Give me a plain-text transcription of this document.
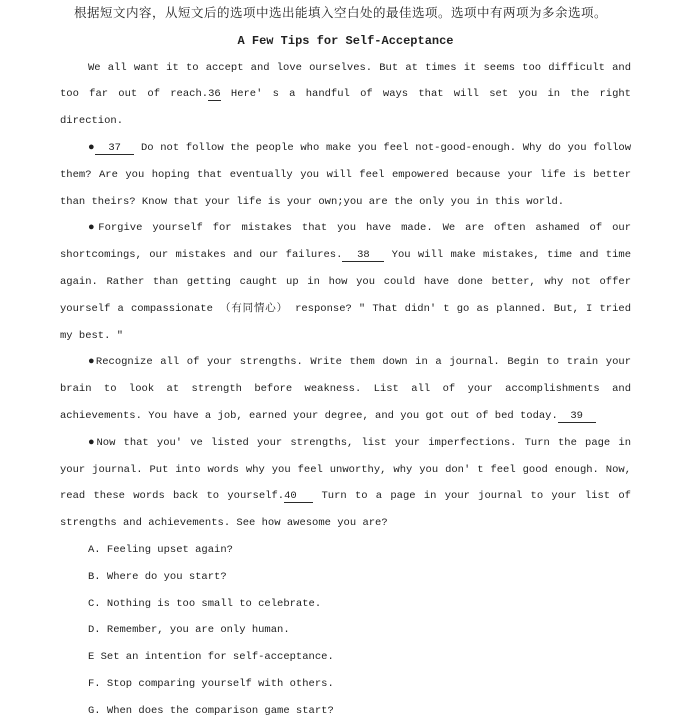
根据短文内容，从短文后的选项中选出能填入空白处的最佳选项。选项中有两项为多余选项。
A Few Tips for Self-Acceptance
We all want it to accept and love ourselves. But at times it seems too difficult and too far out of reach.36 Here' s a handful of ways that will set you in the right direction.
●  37   Do not follow the people who make you feel not-good-enough. Why do you follow them? Are you hoping that eventually you will feel empowered because your life is better than theirs? Know that your life is your own;you are the only you in this world.
●Forgive yourself for mistakes that you have made. We are often ashamed of our shortcomings, our mistakes and our failures.  38   You will make mistakes, time and time again. Rather than getting caught up in how you could have done better, why not offer yourself a compassionate （有同情心） response? " That didn' t go as planned. But, I tried my best. "
●Recognize all of your strengths. Write them down in a journal. Begin to train your brain to look at strength before weakness. List all of your accomplishments and achievements. You have a job, earned your degree, and you got out of bed today.  39
●Now that you' ve listed your strengths, list your imperfections. Turn the page in your journal. Put into words why you feel unworthy, why you don' t feel good enough. Now, read these words back to yourself.40   Turn to a page in your journal to your list of strengths and achievements. See how awesome you are?
A. Feeling upset again?
B. Where do you start?
C. Nothing is too small to celebrate.
D. Remember, you are only human.
E Set an intention for self-acceptance.
F. Stop comparing yourself with others.
G. When does the comparison game start?
